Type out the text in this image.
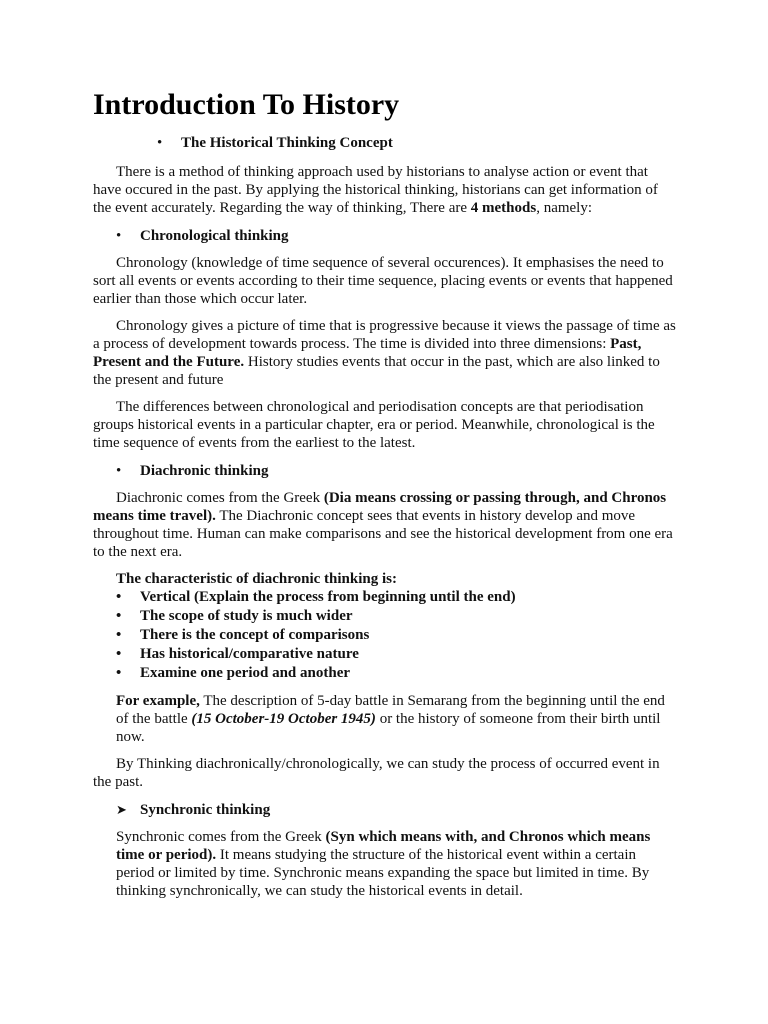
Introduction To History
•	The Historical Thinking Concept

There is a method of thinking approach used by historians to analyse action or event that have occured in the past. By applying the historical thinking, historians can get information of the event accurately. Regarding the way of thinking, There are 4 methods, namely:

•	Chronological thinking

Chronology (knowledge of time sequence of several occurences). It emphasises the need to sort all events or events according to their time sequence, placing events or events that happened earlier than those which occur later.

Chronology gives a picture of time that is progressive because it views the passage of time as a process of development towards process. The time is divided into three dimensions: Past, Present and the Future. History studies events that occur in the past, which are also linked to the present and future

The differences between chronological and periodisation concepts are that periodisation groups historical events in a particular chapter, era or period. Meanwhile, chronological is the time sequence of events from the earliest to the latest.

•	Diachronic thinking

Diachronic comes from the Greek (Dia means crossing or passing through, and Chronos means time travel). The Diachronic concept sees that events in history develop and move throughout time. Human can make comparisons and see the historical development from one era to the next era.

The characteristic of diachronic thinking is:

•	Vertical (Explain the process from beginning until the end)
•	The scope of study is much wider
•	There is the concept of comparisons
•	Has historical/comparative nature
•	Examine one period and another

For example, The description of 5-day battle in Semarang from the beginning until the end of the battle (15 October-19 October 1945) or the history of someone from their birth until now.

By Thinking diachronically/chronologically, we can study the process of occurred event in the past.

➤ Synchronic thinking

Synchronic comes from the Greek (Syn which means with, and Chronos which means time or period). It means studying the structure of the historical event within a certain period or limited by time. Synchronic means expanding the space but limited in time. By thinking synchronically, we can study the historical events in detail.
